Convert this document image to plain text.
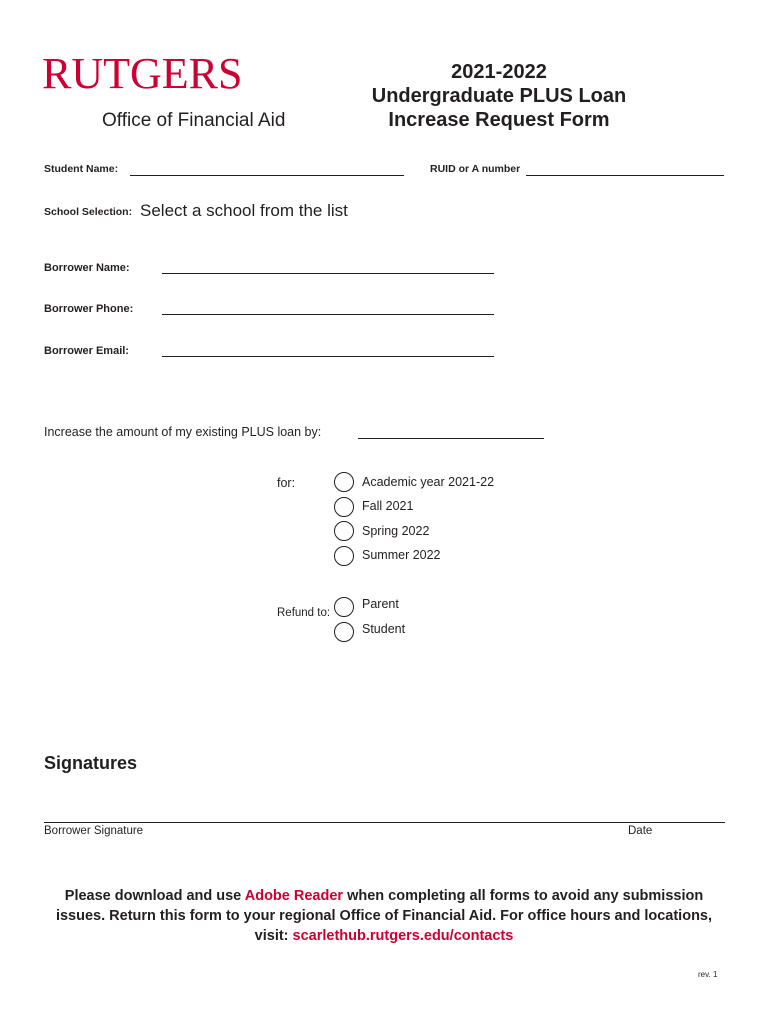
RUTGERS
Office of Financial Aid
2021-2022
Undergraduate PLUS Loan
Increase Request Form
Student Name:	RUID or A number
School Selection: Select a school from the list
Borrower Name:
Borrower Phone:
Borrower Email:
Increase the amount of my existing PLUS loan by:
for:	Academic year 2021-22
Fall 2021
Spring 2022
Summer 2022
Refund to:
Parent
Student
Signatures
Borrower Signature	Date
Please download and use Adobe Reader when completing all forms to avoid any submission issues. Return this form to your regional Office of Financial Aid. For office hours and locations, visit: scarlethub.rutgers.edu/contacts
rev. 1
